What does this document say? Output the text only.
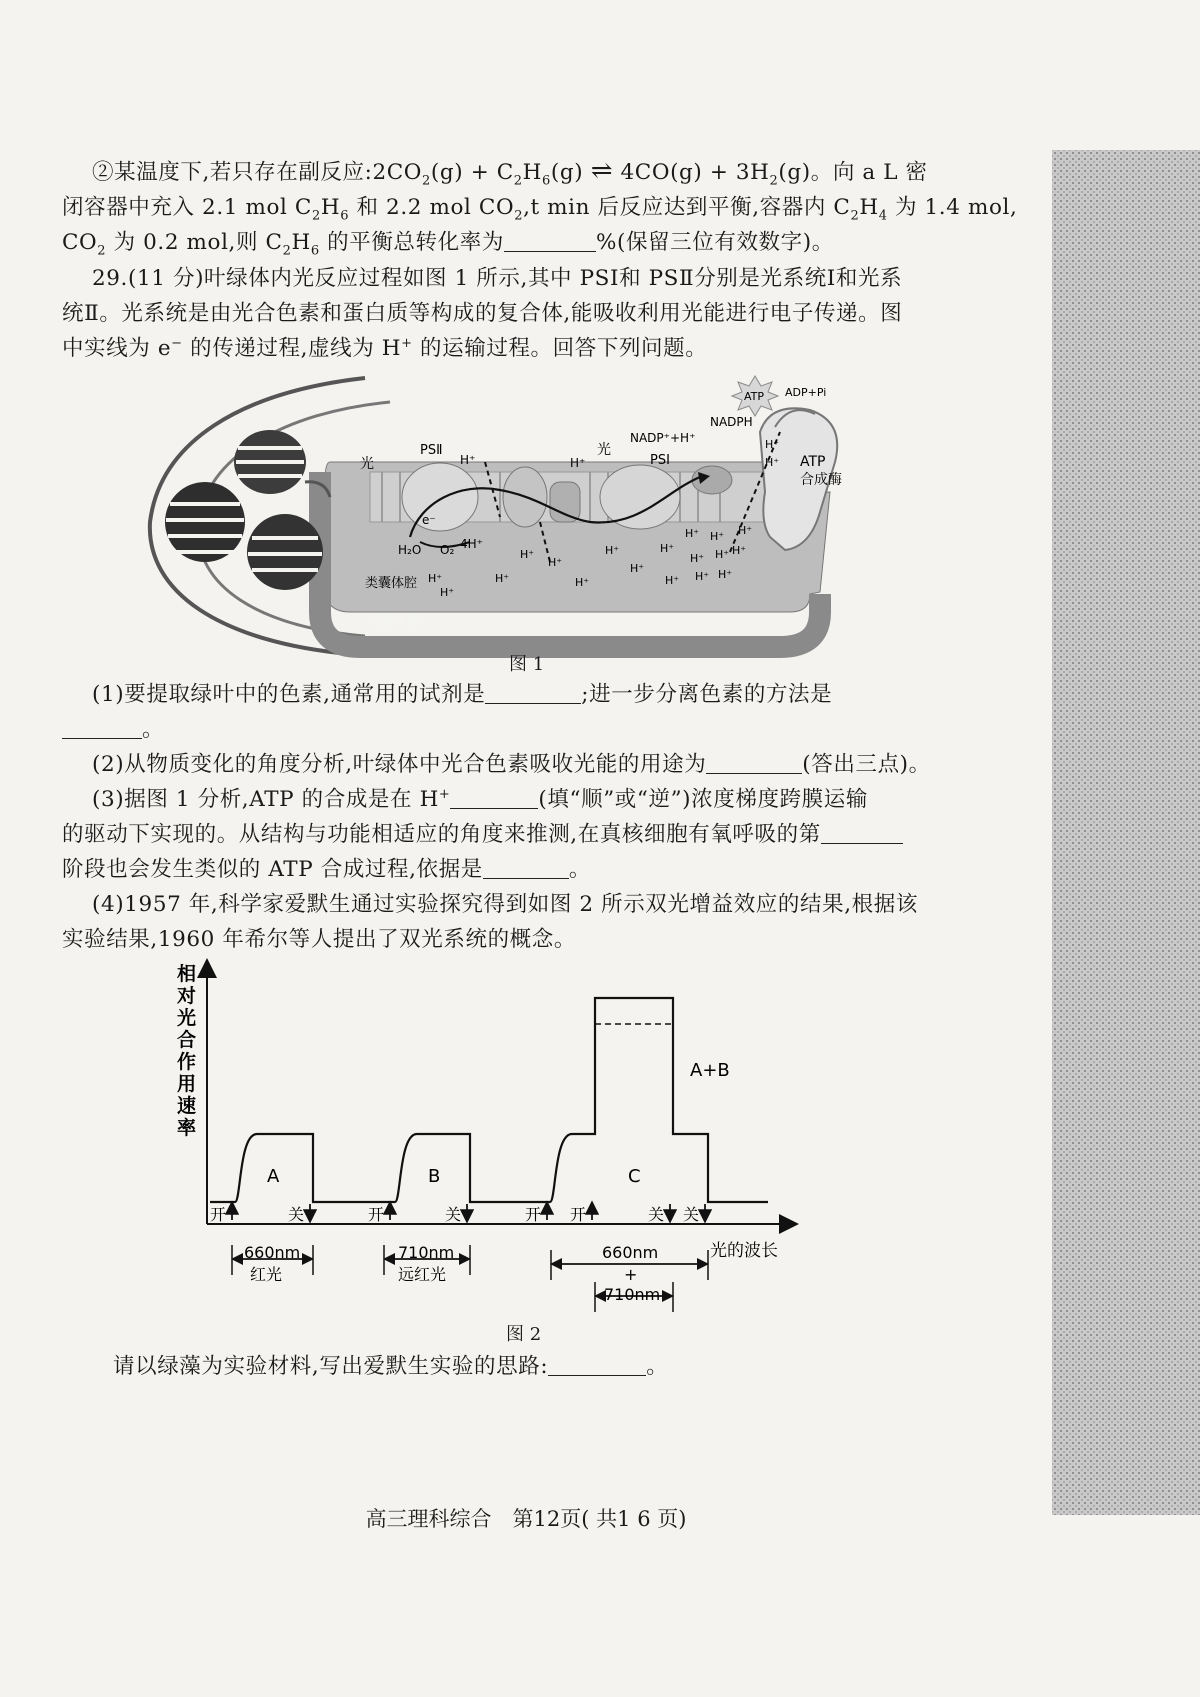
②某温度下,若只存在副反应$:2CO_2(g) + C_2H_6(g)$ ⇌ $4CO(g) + 3H_2(g)$。向 a L 密
闭容器中充入 2.1 mol $C_2H_6$ 和 2.2 mol $CO_2,t$ min 后反应达到平衡,容器内 $C_2H_4$ 为 1.4 mol,
$CO_2$ 为 0.2 mol,则 $C_2H_6$ 的平衡总转化率为	%(保留三位有效数字)。
29.(11 分)叶绿体内光反应过程如图 1 所示,其中 PSⅠ和 PSⅡ分别是光系统Ⅰ和光系
统Ⅱ。光系统是由光合色素和蛋白质等构成的复合体,能吸收利用光能进行电子传递。图
中实线为 e− 的传递过程,虚线为 H+ 的运输过程。回答下列问题。
PSⅡ
光	H⁺	H⁺
光
PSⅠ
NADP⁺+H⁺
NADPH
ATP ADP+Pi
H⁺
H⁺ ATP
合成酶
e⁻
H₂O O₂ 4H⁺
类囊体腔
类囊体膜
H⁺
H⁺
H⁺
H⁺
H⁺
H⁺
H⁺
H⁺
H⁺
H⁺
H⁺
H⁺
H⁺
H⁺ H⁺
H⁺
H⁺ H⁺
图 1
(1)要提取绿叶中的色素,通常用的试剂是	;进一步分离色素的方法是
。
(2)从物质变化的角度分析,叶绿体中光合色素吸收光能的用途为	(答出三点)。
(3)据图 1 分析,ATP 的合成是在 H+	(填“顺”或“逆”)浓度梯度跨膜运输
的驱动下实现的。从结构与功能相适应的角度来推测,在真核细胞有氧呼吸的第
阶段也会发生类似的 ATP 合成过程,依据是	。
(4)1957 年,科学家爱默生通过实验探究得到如图 2 所示双光增益效应的结果,根据该
实验结果,1960 年希尔等人提出了双光系统的概念。
相
对
光
合
作
用
速
率
A	B	C
A+B
开	关	开	关	开 开	关 关
660nm
红光
710nm
远红光
660nm
+
710nm
光的波长
图 2
请以绿藻为实验材料,写出爱默生实验的思路:	。
高三理科综合　第12页( 共1 6 页)
